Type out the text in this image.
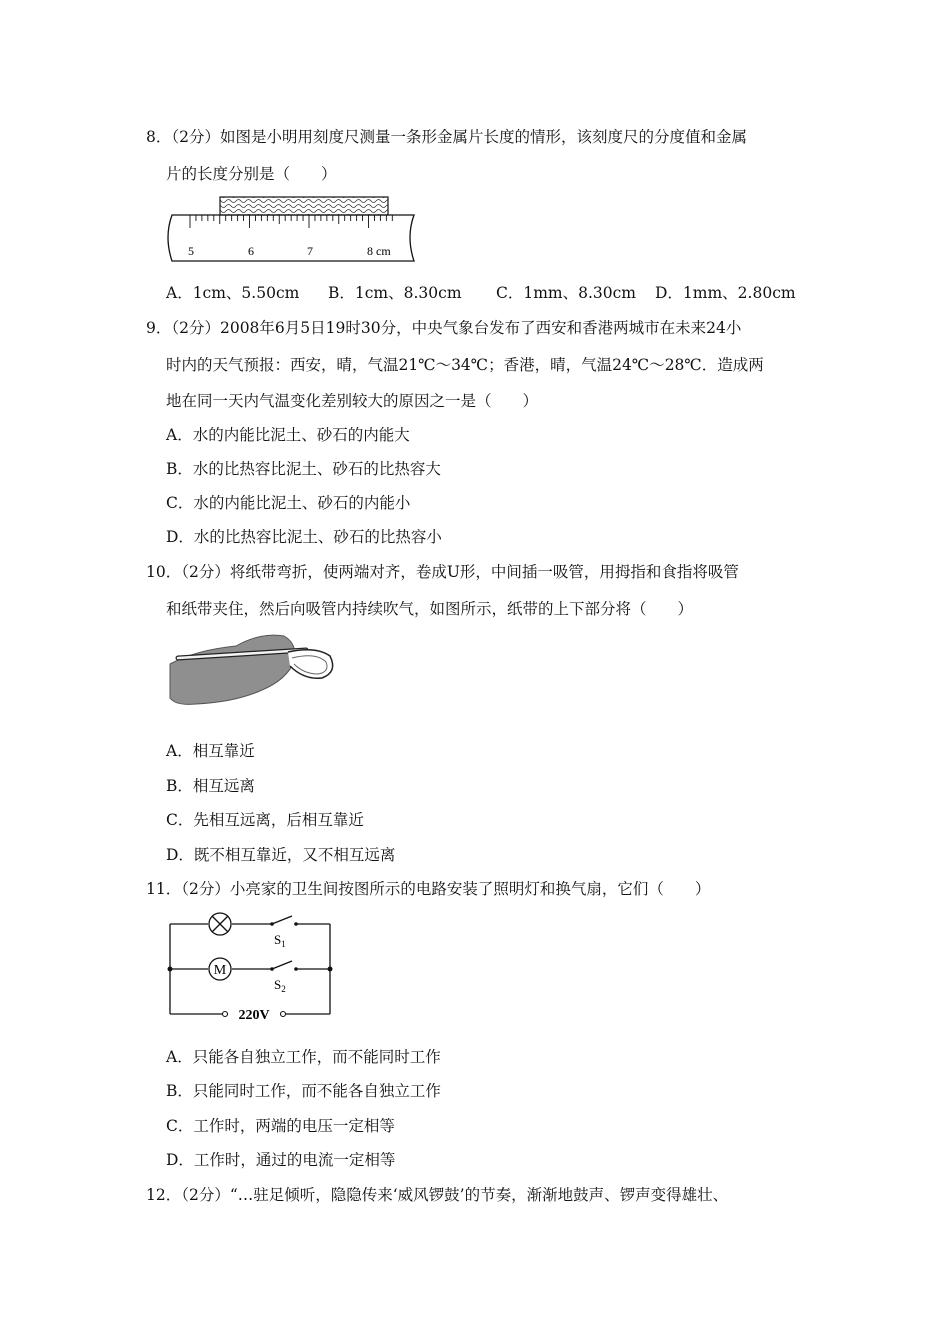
8．（2分）如图是小明用刻度尺测量一条形金属片长度的情形，该刻度尺的分度值和金属
片的长度分别是（　　）
5	6	7	8 cm
A．1cm、5.50cm B．1cm、8.30cm C．1mm、8.30cm D．1mm、2.80cm
9．（2分）2008年6月5日19时30分，中央气象台发布了西安和香港两城市在未来24小
时内的天气预报：西安，晴，气温21℃～34℃；香港，晴，气温24℃～28℃．造成两
地在同一天内气温变化差别较大的原因之一是（　　）
A．水的内能比泥土、砂石的内能大
B．水的比热容比泥土、砂石的比热容大
C．水的内能比泥土、砂石的内能小
D．水的比热容比泥土、砂石的比热容小
10．（2分）将纸带弯折，使两端对齐，卷成U形，中间插一吸管，用拇指和食指将吸管
和纸带夹住，然后向吸管内持续吹气，如图所示，纸带的上下部分将（　　）
A．相互靠近
B．相互远离
C．先相互远离，后相互靠近
D．既不相互靠近，又不相互远离
11．（2分）小亮家的卫生间按图所示的电路安装了照明灯和换气扇，它们（　　）
M
$S_1$
$S_2$
220V
A．只能各自独立工作，而不能同时工作
B．只能同时工作，而不能各自独立工作
C．工作时，两端的电压一定相等
D．工作时，通过的电流一定相等
12．（2分）“…驻足倾听，隐隐传来‘威风锣鼓’的节奏，渐渐地鼓声、锣声变得雄壮、
